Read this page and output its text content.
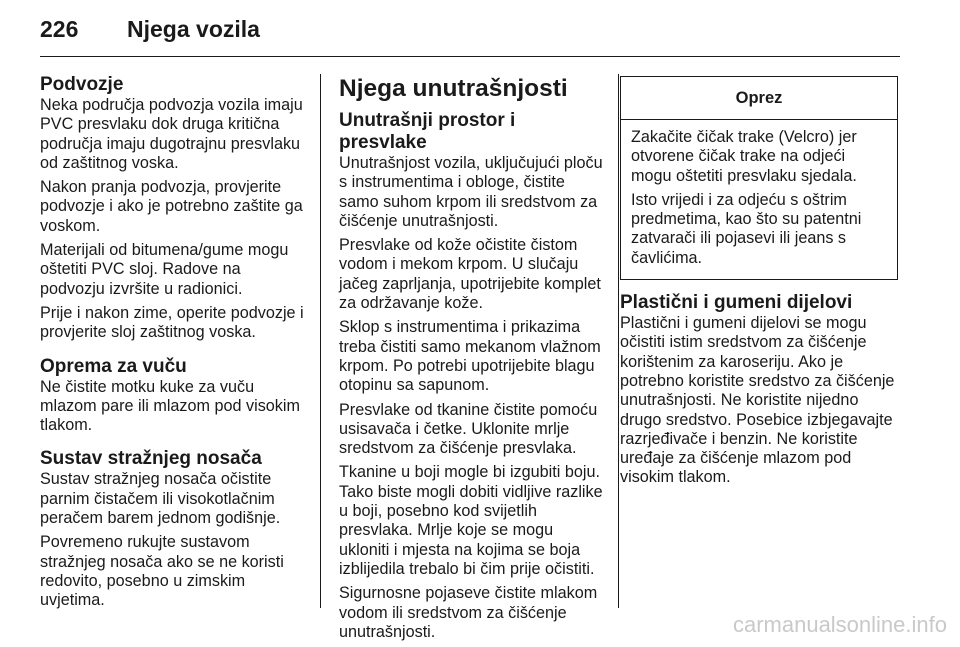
226 Njega vozila
Podvozje

Neka područja podvozja vozila imaju PVC presvlaku dok druga kritična područja imaju dugotrajnu presvlaku od zaštitnog voska.

Nakon pranja podvozja, provjerite podvozje i ako je potrebno zaštite ga voskom.

Materijali od bitumena/gume mogu oštetiti PVC sloj. Radove na podvozju izvršite u radionici.

Prije i nakon zime, operite podvozje i provjerite sloj zaštitnog voska.

Oprema za vuču

Ne čistite motku kuke za vuču mlazom pare ili mlazom pod visokim tlakom.

Sustav stražnjeg nosača

Sustav stražnjeg nosača očistite parnim čistačem ili visokotlačnim peračem barem jednom godišnje.

Povremeno rukujte sustavom stražnjeg nosača ako se ne koristi redovito, posebno u zimskim uvjetima.

Njega unutrašnjosti
Unutrašnji prostor i presvlake

Unutrašnjost vozila, uključujući ploču s instrumentima i obloge, čistite samo suhom krpom ili sredstvom za čišćenje unutrašnjosti.

Presvlake od kože očistite čistom vodom i mekom krpom. U slučaju jačeg zaprljanja, upotrijebite komplet za održavanje kože.

Sklop s instrumentima i prikazima treba čistiti samo mekanom vlažnom krpom. Po potrebi upotrijebite blagu otopinu sa sapunom.

Presvlake od tkanine čistite pomoću usisavača i četke. Uklonite mrlje sredstvom za čišćenje presvlaka.

Tkanine u boji mogle bi izgubiti boju. Tako biste mogli dobiti vidljive razlike u boji, posebno kod svijetlih presvlaka. Mrlje koje se mogu ukloniti i mjesta na kojima se boja izblijedila trebalo bi čim prije očistiti.

Sigurnosne pojaseve čistite mlakom vodom ili sredstvom za čišćenje unutrašnjosti.

Oprez

Zakačite čičak trake (Velcro) jer otvorene čičak trake na odjeći mogu oštetiti presvlaku sjedala.

Isto vrijedi i za odjeću s oštrim predmetima, kao što su patentni zatvarači ili pojasevi ili jeans s čavlićima.

Plastični i gumeni dijelovi

Plastični i gumeni dijelovi se mogu očistiti istim sredstvom za čišćenje korištenim za karoseriju. Ako je potrebno koristite sredstvo za čišćenje unutrašnjosti. Ne koristite nijedno drugo sredstvo. Posebice izbjegavajte razrjeđivače i benzin. Ne koristite uređaje za čišćenje mlazom pod visokim tlakom.

carmanualsonline.info
